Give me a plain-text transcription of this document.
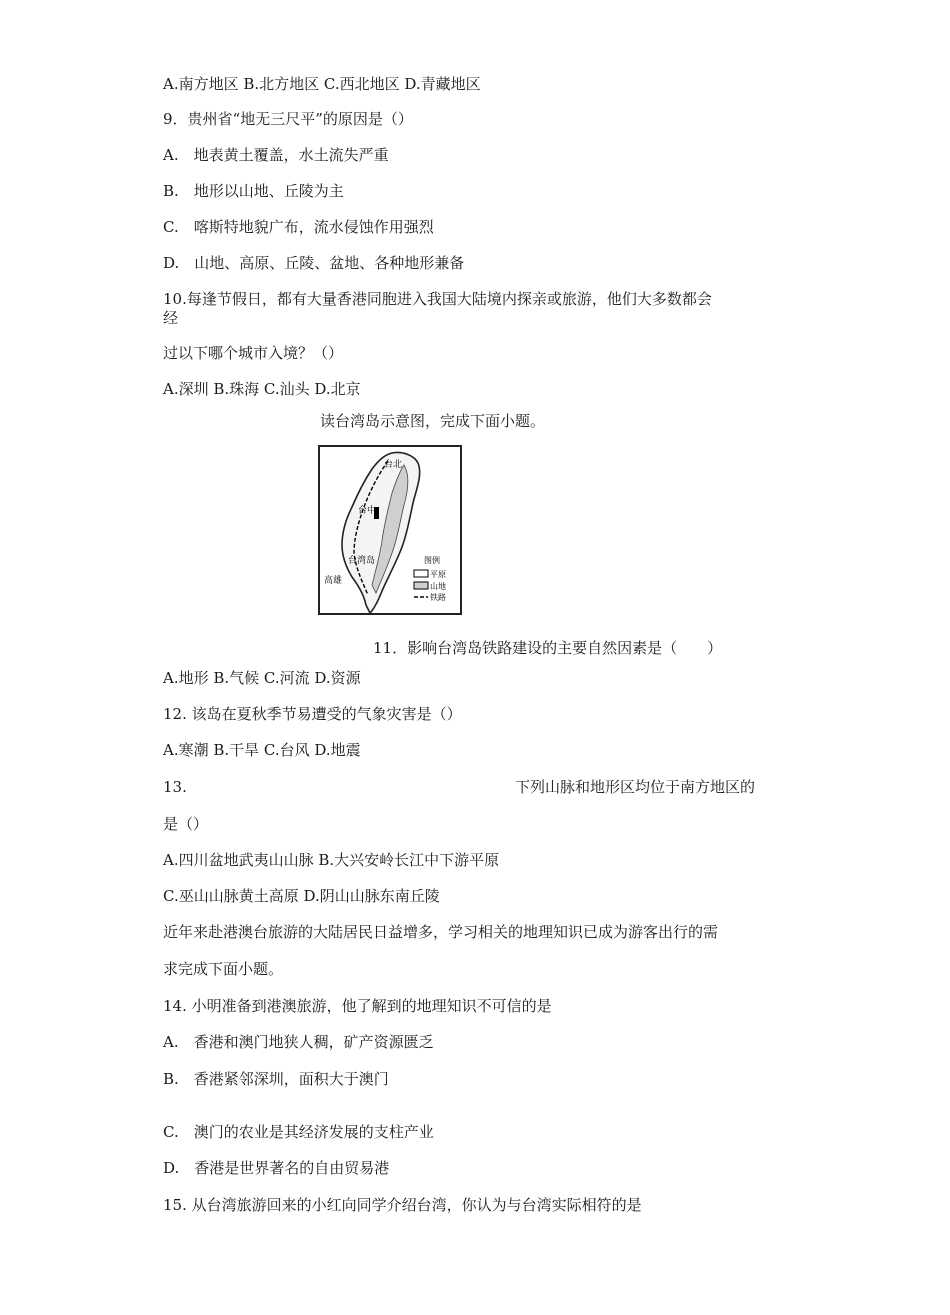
A.南方地区 B.北方地区 C.西北地区 D.青藏地区
9．贵州省“地无三尺平”的原因是（）
A.　地表黄土覆盖，水土流失严重
B.　地形以山地、丘陵为主
C.　喀斯特地貌广布，流水侵蚀作用强烈
D.　山地、高原、丘陵、盆地、各种地形兼备
10.每逢节假日，都有大量香港同胞进入我国大陆境内探亲或旅游，他们大多数都会
经
过以下哪个城市入境？（）
A.深圳 B.珠海 C.汕头 D.北京
读台湾岛示意图，完成下面小题。
台北
台中
台湾岛
高雄
图例
平原
山地
铁路
11．影响台湾岛铁路建设的主要自然因素是（　　）
A.地形 B.气候 C.河流 D.资源
12. 该岛在夏秋季节易遭受的气象灾害是（）
A.寒潮 B.干旱 C.台风 D.地震
13.	下列山脉和地形区均位于南方地区的
是（）
A.四川盆地武夷山山脉 B.大兴安岭长江中下游平原
C.巫山山脉黄土高原 D.阴山山脉东南丘陵
近年来赴港澳台旅游的大陆居民日益增多，学习相关的地理知识已成为游客出行的需
求完成下面小题。
14. 小明准备到港澳旅游，他了解到的地理知识不可信的是
A.　香港和澳门地狭人稠，矿产资源匮乏
B.　香港紧邻深圳，面积大于澳门
C.　澳门的农业是其经济发展的支柱产业
D.　香港是世界著名的自由贸易港
15. 从台湾旅游回来的小红向同学介绍台湾，你认为与台湾实际相符的是
